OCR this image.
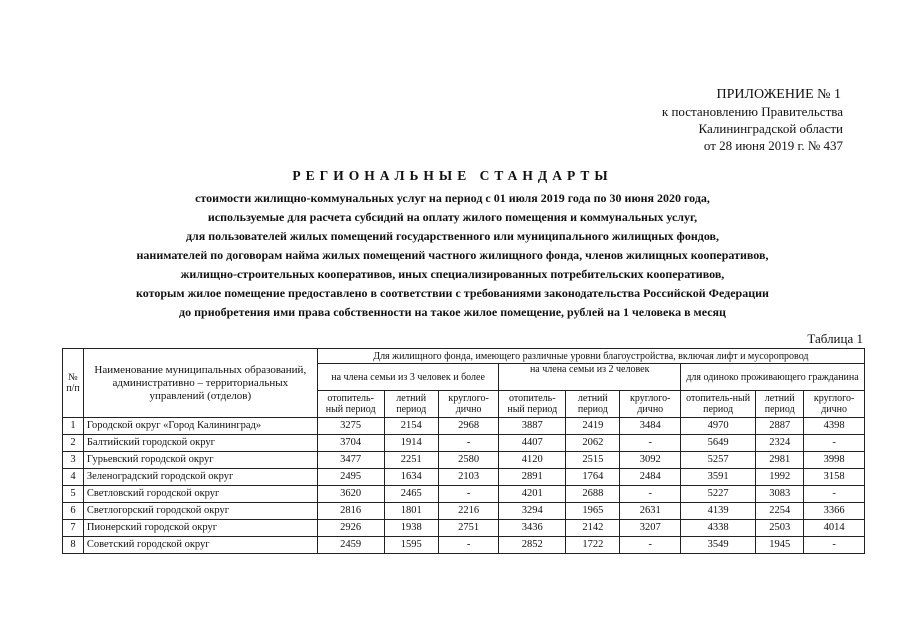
ПРИЛОЖЕНИЕ № 1
к постановлению Правительства
Калининградской области
от 28 июня 2019 г. № 437
РЕГИОНАЛЬНЫЕ СТАНДАРТЫ
стоимости жилищно-коммунальных услуг на период с 01 июля 2019 года по 30 июня 2020 года,
используемые для расчета субсидий на оплату жилого помещения и коммунальных услуг,
для пользователей жилых помещений государственного или муниципального жилищных фондов,
нанимателей по договорам найма жилых помещений частного жилищного фонда, членов жилищных кооперативов,
жилищно-строительных кооперативов, иных специализированных потребительских кооперативов,
которым жилое помещение предоставлено в соответствии с требованиями законодательства Российской Федерации
до приобретения ими права собственности на такое жилое помещение, рублей на 1 человека в месяц
Таблица 1
№ п/п	Наименование муниципальных образований, административно – территориальных управлений (отделов)	Для жилищного фонда, имеющего различные уровни благоустройства, включая лифт и мусоропровод								
		на члена семьи из 3 человек и более			на члена семьи из 2 человек			для одиноко проживающего гражданина		
		отопитель-ный период	летний период	круглого-дично	отопитель-ный период	летний период	круглого-дично	отопитель-ный период	летний период	круглого-дично
1	Городской округ «Город Калининград»	3275	2154	2968	3887	2419	3484	4970	2887	4398
2	Балтийский городской округ	3704	1914	-	4407	2062	-	5649	2324	-
3	Гурьевский городской округ	3477	2251	2580	4120	2515	3092	5257	2981	3998
4	Зеленоградский городской округ	2495	1634	2103	2891	1764	2484	3591	1992	3158
5	Светловский городской округ	3620	2465	-	4201	2688	-	5227	3083	-
6	Светлогорский городской округ	2816	1801	2216	3294	1965	2631	4139	2254	3366
7	Пионерский городской округ	2926	1938	2751	3436	2142	3207	4338	2503	4014
8	Советский городской округ	2459	1595	-	2852	1722	-	3549	1945	-
